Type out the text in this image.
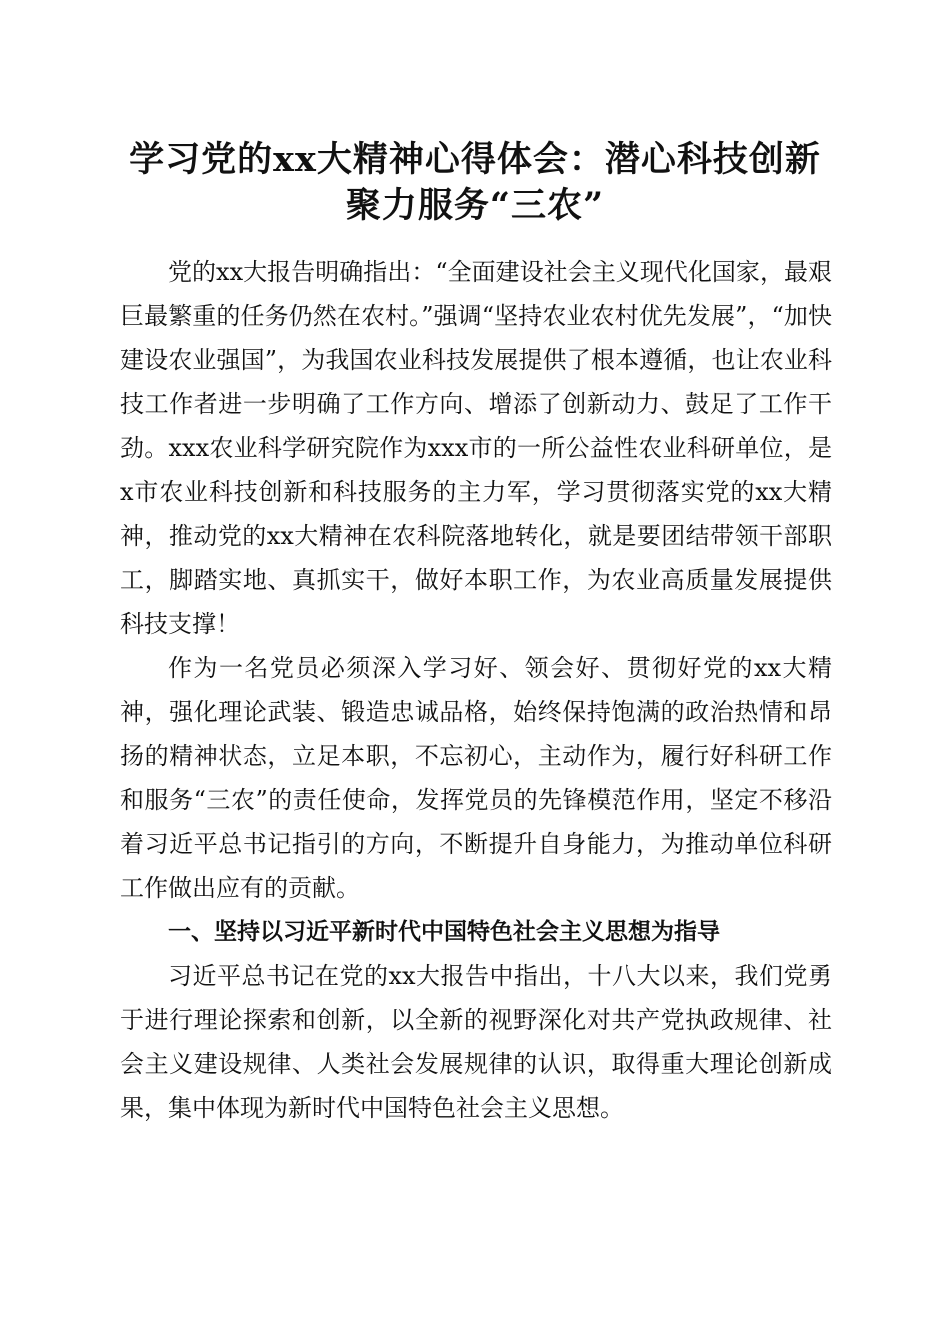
学习党的xx大精神心得体会：潜心科技创新
聚力服务“三农”

党的xx大报告明确指出：“全面建设社会主义现代化国家，最艰巨最繁重的任务仍然在农村。”强调“坚持农业农村优先发展”，“加快建设农业强国”，为我国农业科技发展提供了根本遵循，也让农业科技工作者进一步明确了工作方向、增添了创新动力、鼓足了工作干劲。xxx农业科学研究院作为xxx市的一所公益性农业科研单位，是x市农业科技创新和科技服务的主力军，学习贯彻落实党的xx大精神，推动党的xx大精神在农科院落地转化，就是要团结带领干部职工，脚踏实地、真抓实干，做好本职工作，为农业高质量发展提供科技支撑！

作为一名党员必须深入学习好、领会好、贯彻好党的xx大精神，强化理论武装、锻造忠诚品格，始终保持饱满的政治热情和昂扬的精神状态，立足本职，不忘初心，主动作为，履行好科研工作和服务“三农”的责任使命，发挥党员的先锋模范作用，坚定不移沿着习近平总书记指引的方向，不断提升自身能力，为推动单位科研工作做出应有的贡献。

一、坚持以习近平新时代中国特色社会主义思想为指导

习近平总书记在党的xx大报告中指出，十八大以来，我们党勇于进行理论探索和创新，以全新的视野深化对共产党执政规律、社会主义建设规律、人类社会发展规律的认识，取得重大理论创新成果，集中体现为新时代中国特色社会主义思想。
